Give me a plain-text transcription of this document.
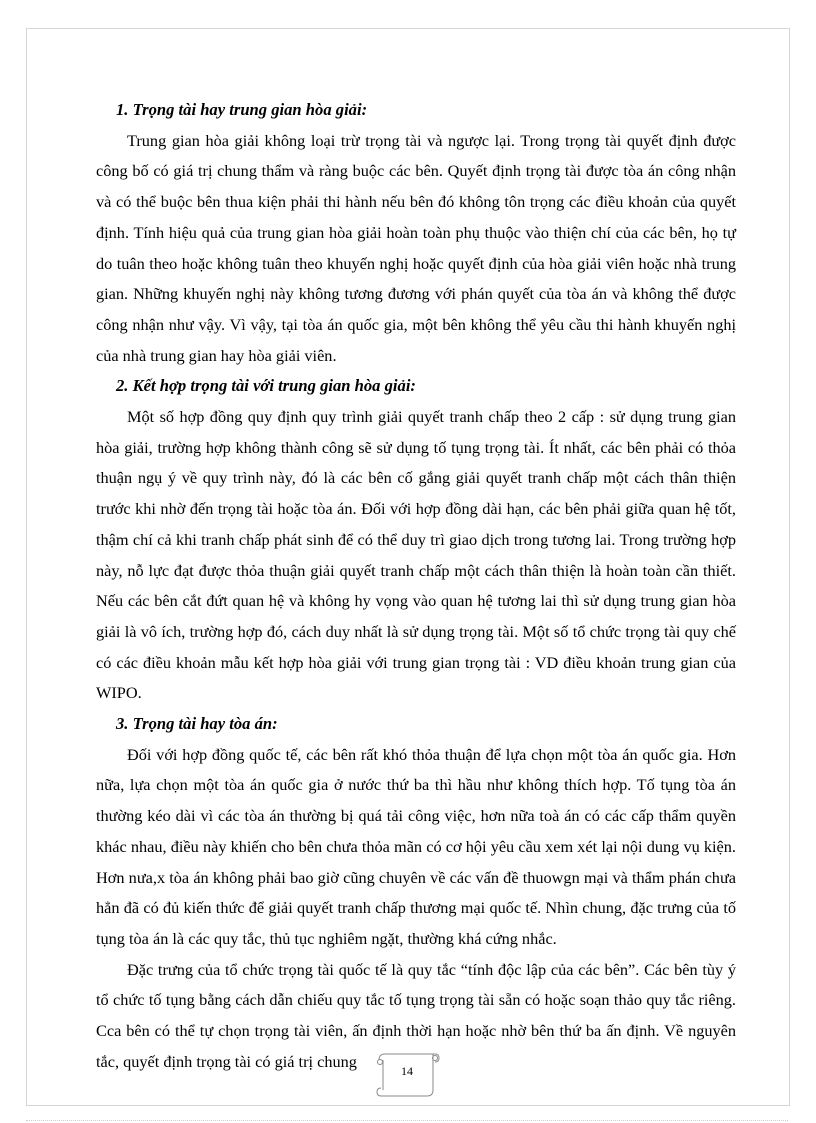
1. Trọng tài hay trung gian hòa giải:

Trung gian hòa giải không loại trừ trọng tài và ngược lại. Trong trọng tài quyết định được công bố có giá trị chung thẩm và ràng buộc các bên. Quyết định trọng tài được tòa án công nhận và có thể buộc bên thua kiện phải thi hành nếu bên đó không tôn trọng các điều khoản của quyết định. Tính hiệu quả của trung gian hòa giải hoàn toàn phụ thuộc vào thiện chí của các bên, họ tự do tuân theo hoặc không tuân theo khuyến nghị hoặc quyết định của hòa giải viên hoặc nhà trung gian. Những khuyến nghị này không tương đương với phán quyết của tòa án và không thể được công nhận như vậy. Vì vậy, tại tòa án quốc gia, một bên không thể yêu cầu thi hành khuyến nghị của nhà trung gian hay hòa giải viên.

2. Kết hợp trọng tài với trung gian hòa giải:

Một số hợp đồng quy định quy trình giải quyết tranh chấp theo 2 cấp : sử dụng trung gian hòa giải, trường hợp không thành công sẽ sử dụng tố tụng trọng tài. Ít nhất, các bên phải có thỏa thuận ngụ ý về quy trình này, đó là các bên cố gắng giải quyết tranh chấp một cách thân thiện trước khi nhờ đến trọng tài hoặc tòa án. Đối với hợp đồng dài hạn, các bên phải giữa quan hệ tốt, thậm chí cả khi tranh chấp phát sinh để có thể duy trì giao dịch trong tương lai. Trong trường hợp này, nỗ lực đạt được thỏa thuận giải quyết tranh chấp một cách thân thiện là hoàn toàn cần thiết. Nếu các bên cắt đứt quan hệ và không hy vọng vào quan hệ tương lai thì sử dụng trung gian hòa giải là vô ích, trường hợp đó, cách duy nhất là sử dụng trọng tài. Một số tổ chức trọng tài quy chế có các điều khoản mẫu kết hợp hòa giải với trung gian trọng tài : VD điều khoản trung gian của WIPO.

3. Trọng tài hay tòa án:

Đối với hợp đồng quốc tế, các bên rất khó thỏa thuận để lựa chọn một tòa án quốc gia. Hơn nữa, lựa chọn một tòa án quốc gia ở nước thứ ba thì hầu như không thích hợp. Tố tụng tòa án thường kéo dài vì các tòa án thường bị quá tải công việc, hơn nữa toà án có các cấp thẩm quyền khác nhau, điều này khiến cho bên chưa thỏa mãn có cơ hội yêu cầu xem xét lại nội dung vụ kiện. Hơn nưa,x tòa án không phải bao giờ cũng chuyên về các vấn đề thuowgn mại và thẩm phán chưa hẳn đã có đủ kiến thức để giải quyết tranh chấp thương mại quốc tế. Nhìn chung, đặc trưng của tố tụng tòa án là các quy tắc, thủ tục nghiêm ngặt, thường khá cứng nhắc.

Đặc trưng của tổ chức trọng tài quốc tế là quy tắc “tính độc lập của các bên”. Các bên tùy ý tổ chức tố tụng bằng cách dẫn chiếu quy tắc tố tụng trọng tài sẵn có hoặc soạn thảo quy tắc riêng. Cca bên có thể tự chọn trọng tài viên, ấn định thời hạn hoặc nhờ bên thứ ba ấn định. Về nguyên tắc, quyết định trọng tài có giá trị chung

14
